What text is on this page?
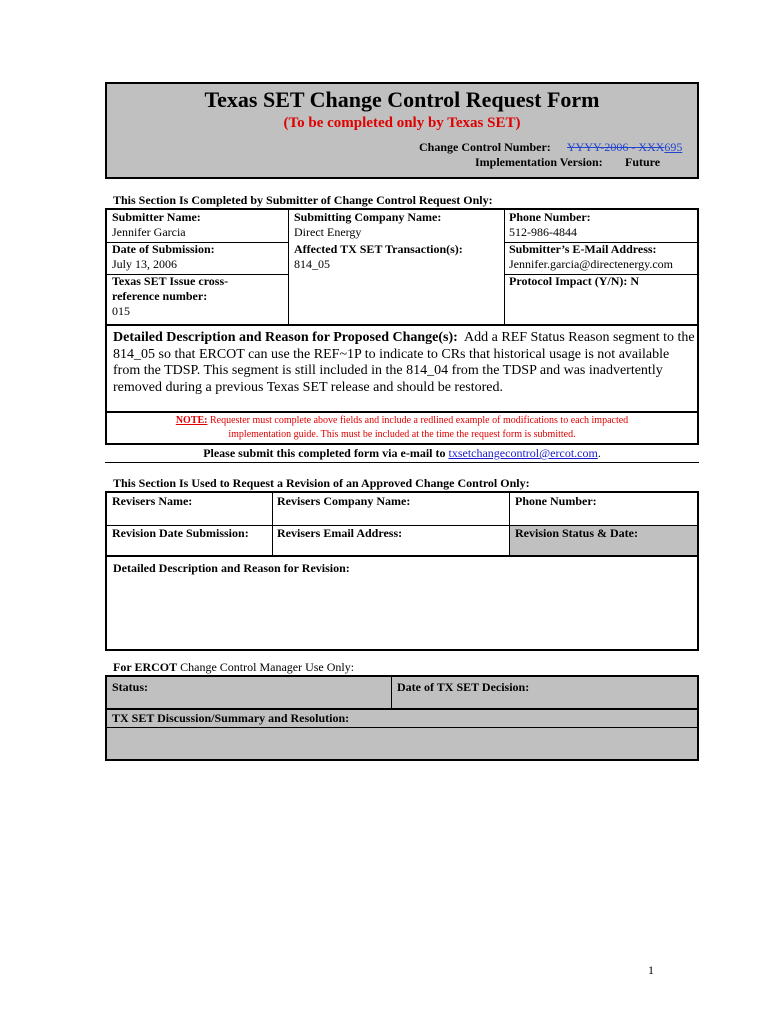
Texas SET Change Control Request Form
(To be completed only by Texas SET)
Change Control Number: YYYY-2006 - XXX695
Implementation Version: Future
This Section Is Completed by Submitter of Change Control Request Only:
Submitter Name:
Jennifer Garcia
Submitting Company Name:
Direct Energy
Phone Number:
512-986-4844
Date of Submission:
July 13, 2006
Affected TX SET Transaction(s):
814_05
Submitter’s E-Mail Address:
Jennifer.garcia@directenergy.com
Texas SET Issue cross-
reference number:
015
Protocol Impact (Y/N): N
Detailed Description and Reason for Proposed Change(s): Add a REF Status Reason segment to the
814_05 so that ERCOT can use the REF~1P to indicate to CRs that historical usage is not available
from the TDSP. This segment is still included in the 814_04 from the TDSP and was inadvertently
removed during a previous Texas SET release and should be restored.
NOTE: Requester must complete above fields and include a redlined example of modifications to each impacted
implementation guide. This must be included at the time the request form is submitted.
Please submit this completed form via e-mail to txsetchangecontrol@ercot.com.
This Section Is Used to Request a Revision of an Approved Change Control Only:
Revisers Name:	Revisers Company Name:	Phone Number:
Revision Date Submission: Revisers Email Address:	Revision Status & Date:
Detailed Description and Reason for Revision:
For ERCOT Change Control Manager Use Only:
Status:	Date of TX SET Decision:
TX SET Discussion/Summary and Resolution:
1
